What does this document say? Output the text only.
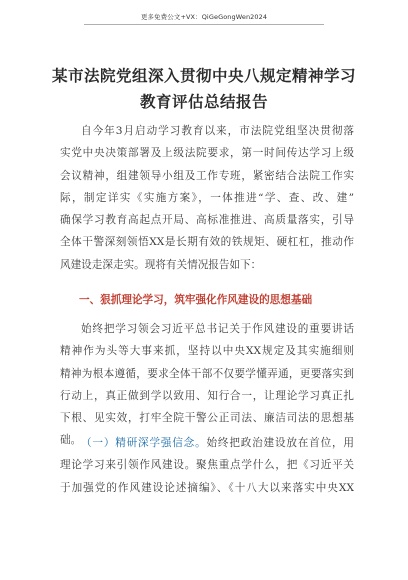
更多免费公文+VX：QiGeGongWen2024
某市法院党组深入贯彻中央八规定精神学习
教育评估总结报告
自今年3月启动学习教育以来，市法院党组坚决贯彻落
实党中央决策部署及上级法院要求，第一时间传达学习上级
会议精神，组建领导小组及工作专班，紧密结合法院工作实
际，制定详实《实施方案》，一体推进“学、查、改、建”
确保学习教育高起点开局、高标准推进、高质量落实，引导
全体干警深刻领悟XX是长期有效的铁规矩、硬杠杠，推动作
风建设走深走实。现将有关情况报告如下：
一、狠抓理论学习，筑牢强化作风建设的思想基础
始终把学习领会习近平总书记关于作风建设的重要讲话
精神作为头等大事来抓，坚持以中央XX规定及其实施细则
精神为根本遵循，要求全体干部不仅要学懂弄通，更要落实到
行动上，真正做到学以致用、知行合一，让理论学习真正扎
下根、见实效，打牢全院干警公正司法、廉洁司法的思想基
础。 （一）精研深学强信念。始终把政治建设放在首位，用
理论学习来引领作风建设。聚焦重点学什么，把《习近平关
于加强党的作风建设论述摘编》、《十八大以来落实中央XX
